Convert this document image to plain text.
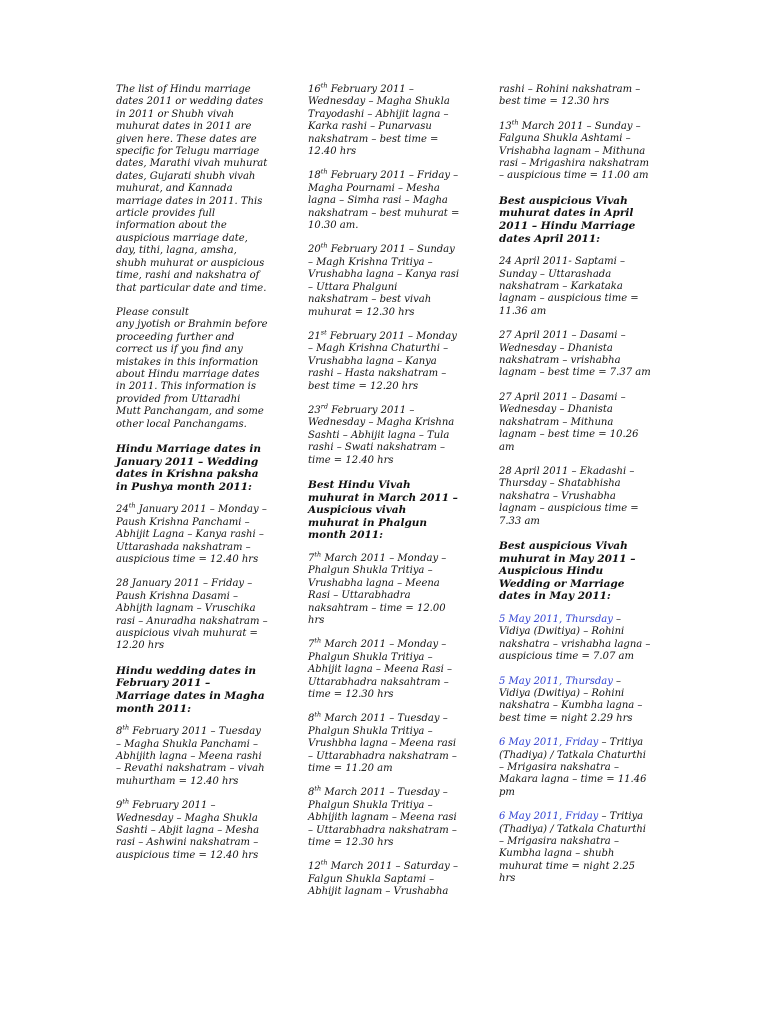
The list of Hindu marriage dates 2011 or wedding dates in 2011 or Shubh vivah muhurat dates in 2011 are given here. These dates are specific for Telugu marriage dates, Marathi vivah muhurat dates, Gujarati shubh vivah muhurat, and Kannada marriage dates in 2011. This article provides full information about the auspicious marriage date, day, tithi, lagna, amsha, shubh muhurat or auspicious time, rashi and nakshatra of that particular date and time.

Please consult

any jyotish or Brahmin before proceeding further and correct us if you find any mistakes in this information about Hindu marriage dates in 2011. This information is provided from Uttaradhi Mutt Panchangam, and some other local Panchangams.

Hindu Marriage dates in January 2011 – Wedding dates in Krishna paksha in Pushya month 2011:

24th January 2011 – Monday – Paush Krishna Panchami – Abhijit Lagna – Kanya rashi – Uttarashada nakshatram – auspicious time = 12.40 hrs

28 January 2011 – Friday – Paush Krishna Dasami – Abhijth lagnam – Vruschika rasi – Anuradha nakshatram – auspicious vivah muhurat = 12.20 hrs

Hindu wedding dates in February 2011 – Marriage dates in Magha month 2011:

8th February 2011 – Tuesday – Magha Shukla Panchami – Abhijith lagna – Meena rashi – Revathi nakshatram – vivah muhurtham = 12.40 hrs

9th February 2011 – Wednesday – Magha Shukla Sashti – Abjit lagna – Mesha rasi – Ashwini nakshatram – auspicious time = 12.40 hrs

16th February 2011 – Wednesday – Magha Shukla Trayodashi – Abhijit lagna – Karka rashi – Punarvasu nakshatram – best time = 12.40 hrs

18th February 2011 – Friday – Magha Pournami – Mesha lagna – Simha rasi – Magha nakshatram – best muhurat = 10.30 am.

20th February 2011 – Sunday – Magh Krishna Tritiya – Vrushabha lagna – Kanya rasi – Uttara Phalguni nakshatram – best vivah muhurat = 12.30 hrs

21st February 2011 – Monday – Magh Krishna Chaturthi – Vrushabha lagna – Kanya rashi – Hasta nakshatram – best time = 12.20 hrs

23rd February 2011 – Wednesday – Magha Krishna Sashti – Abhijit lagna – Tula rashi – Swati nakshatram – time = 12.40 hrs

Best Hindu Vivah muhurat in March 2011 – Auspicious vivah muhurat in Phalgun month 2011:

7th March 2011 – Monday – Phalgun Shukla Tritiya – Vrushabha lagna – Meena Rasi – Uttarabhadra naksahtram – time = 12.00 hrs

7th March 2011 – Monday – Phalgun Shukla Tritiya – Abhijit lagna – Meena Rasi – Uttarabhadra naksahtram – time = 12.30 hrs

8th March 2011 – Tuesday – Phalgun Shukla Tritiya – Vrushbha lagna – Meena rasi – Uttarabhadra nakshatram – time = 11.20 am

8th March 2011 – Tuesday – Phalgun Shukla Tritiya – Abhijith lagnam – Meena rasi – Uttarabhadra nakshatram – time = 12.30 hrs

12th March 2011 – Saturday – Falgun Shukla Saptami – Abhijit lagnam – Vrushabha

rashi – Rohini nakshatram – best time = 12.30 hrs

13th March 2011 – Sunday – Falguna Shukla Ashtami – Vrishabha lagnam – Mithuna rasi – Mrigashira nakshatram – auspicious time = 11.00 am

Best auspicious Vivah muhurat dates in April 2011 – Hindu Marriage dates April 2011:

24 April 2011- Saptami – Sunday – Uttarashada nakshatram – Karkataka lagnam – auspicious time = 11.36 am

27 April 2011 – Dasami – Wednesday – Dhanista nakshatram – vrishabha lagnam – best time = 7.37 am

27 April 2011 – Dasami – Wednesday – Dhanista nakshatram – Mithuna lagnam – best time = 10.26 am

28 April 2011 – Ekadashi – Thursday – Shatabhisha nakshatra – Vrushabha lagnam – auspicious time = 7.33 am

Best auspicious Vivah muhurat in May 2011 – Auspicious Hindu Wedding or Marriage dates in May 2011:

5 May 2011, Thursday – Vidiya (Dwitiya) – Rohini nakshatra – vrishabha lagna – auspicious time = 7.07 am

5 May 2011, Thursday – Vidiya (Dwitiya) – Rohini nakshatra – Kumbha lagna – best time = night 2.29 hrs

6 May 2011, Friday – Tritiya (Thadiya) / Tatkala Chaturthi – Mrigasira nakshatra – Makara lagna – time = 11.46 pm

6 May 2011, Friday – Tritiya (Thadiya) / Tatkala Chaturthi – Mrigasira nakshatra – Kumbha lagna – shubh muhurat time = night 2.25 hrs
